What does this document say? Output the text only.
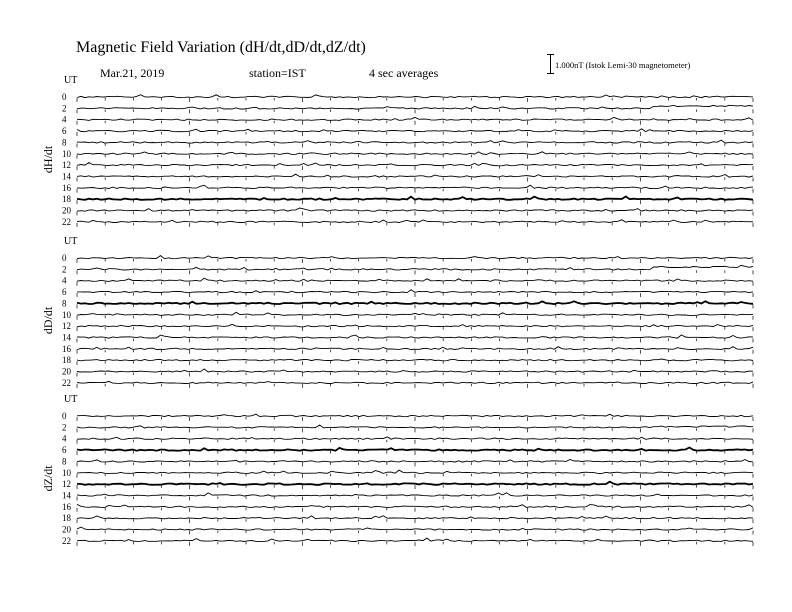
Magnetic Field Variation (dH/dt,dD/dt,dZ/dt)
Mar.21, 2019	station=IST	4 sec averages
1.000nT (Istok Lemi-30 magnetometer)
UT
dH/dt
0
2
4
6
8
10
12
14
16
18
20
22
UT
dD/dt
0
2
4
6
8
10
12
14
16
18
20
22
UT
dZ/dt
0
2
4
6
8
10
12
14
16
18
20
22
